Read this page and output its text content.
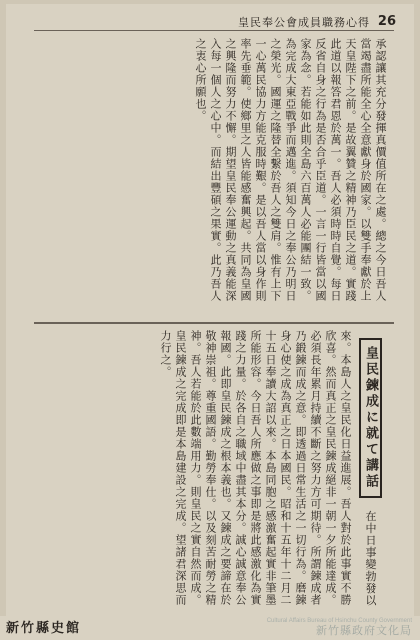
皇民奉公會成員職務心得 26
承認讓其充分發揮真價值所在之處。總之今日吾人當竭盡所能全心全意獻身於國家。以雙手奉獻於上天皇陛下之前。是故翼贊之精神乃臣民之道。實踐此道以報答君恩於萬一。吾人必須時時自覺。每日反省自身之行為是否合乎臣道。一言一行皆當以國家為念。若能如此則全島六百萬人必能團結一致。為完成大東亞戰爭而邁進。須知今日之奉公乃明日之榮光。國運之隆替全繫於吾人之雙肩。惟有上下一心萬民協力方能克服時艱。是以吾人當以身作則率先垂範。使鄉里之人皆能感奮興起。共同為皇國之興隆而努力不懈。期望皇民奉公運動之真義能深入每一個人之心中。而結出豐碩之果實。此乃吾人之衷心所願也。
皇民鍊成に就て講話 在中日事變勃發以來。本島人之皇民化日益進展。吾人對於此事實不勝欣喜。然而真正之皇民鍊成絕非一朝一夕所能達成。必須長年累月持續不斷之努力方可期待。所謂鍊成者乃鍛鍊而成之意。即透過日常生活之一切行為。磨鍊身心使之成為真正之日本國民。昭和十五年十二月二十五日奉讀大詔以來。本島同胞之感激奮起實非筆墨所能形容。今日吾人所應做之事即是將此感激化為實踐之力量。於各自之職域中盡其本分。誠心誠意奉公報國。此即皇民鍊成之根本義也。又鍊成之要諦在於敬神崇祖。尊重國語。勤勞奉仕。以及刻苦耐勞之精神。吾人若能於此數端用力。則皇民之實自然而成。皇民鍊成之完成即是本島建設之完成。望諸君深思而力行之。
新竹縣史館	Cultural Affairs Bureau of Hsinchu County Government
新竹縣政府文化局
